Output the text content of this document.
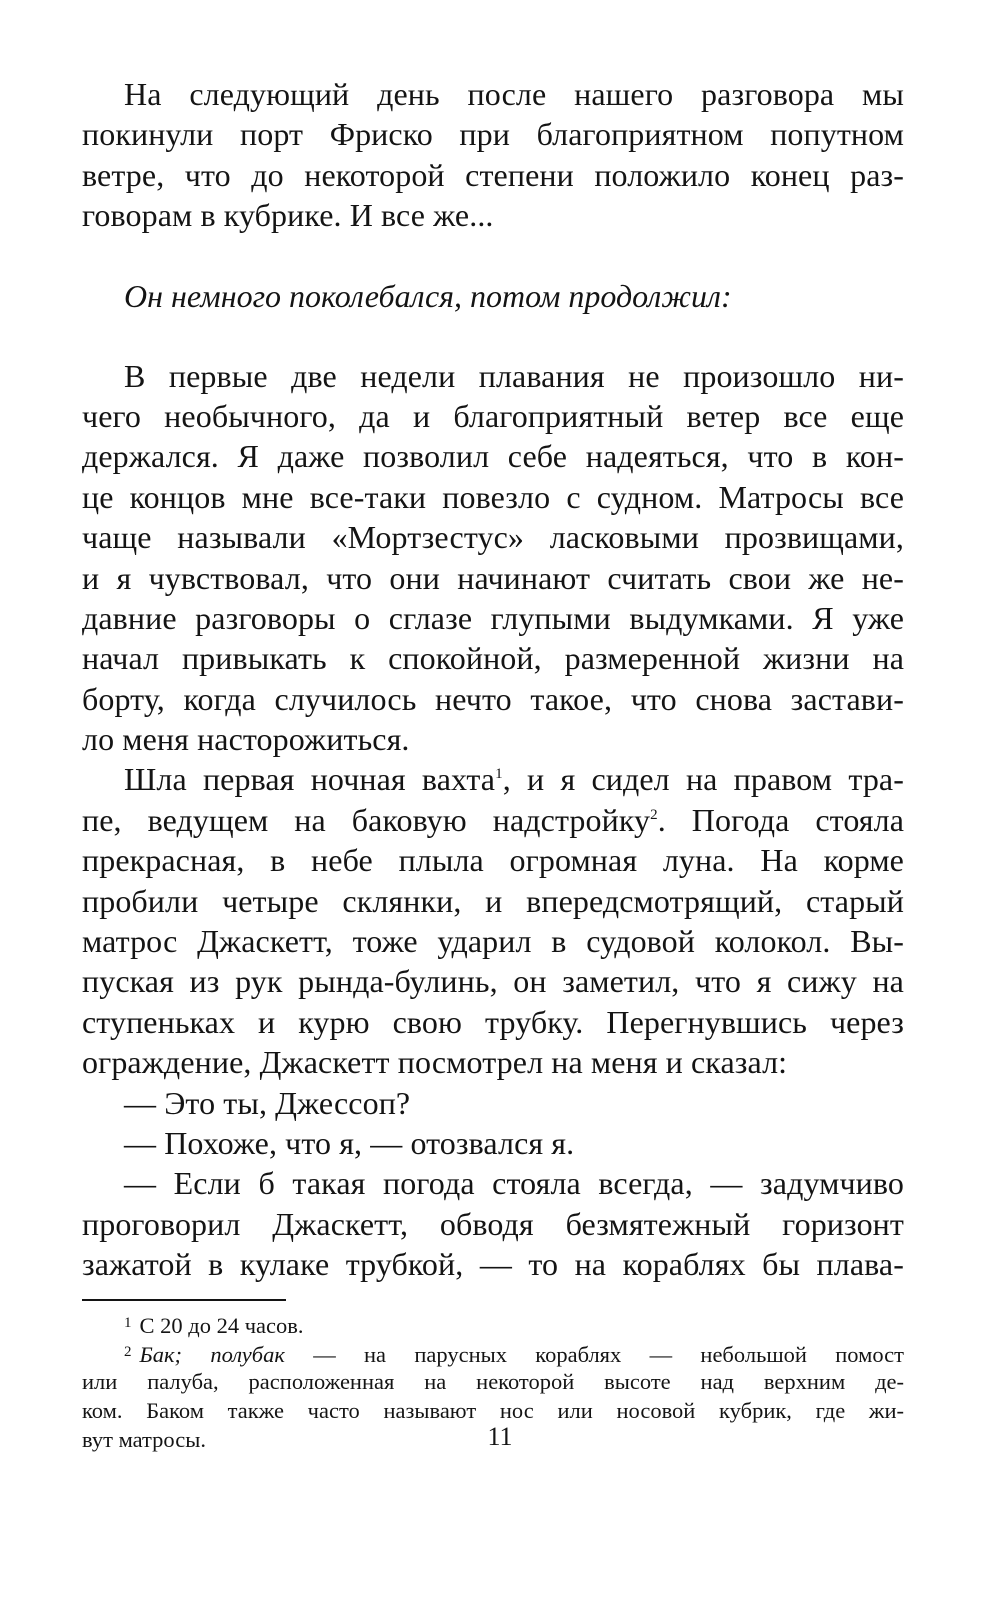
На следующий день после нашего разговора мы
покинули порт Фриско при благоприятном попутном
ветре, что до некоторой степени положило конец раз-
говорам в кубрике. И все же...
Он немного поколебался, потом продолжил:
В первые две недели плавания не произошло ни-
чего необычного, да и благоприятный ветер все еще
держался. Я даже позволил себе надеяться, что в кон-
це концов мне все-таки повезло с судном. Матросы все
чаще называли «Мортзестус» ласковыми прозвищами,
и я чувствовал, что они начинают считать свои же не-
давние разговоры о сглазе глупыми выдумками. Я уже
начал привыкать к спокойной, размеренной жизни на
борту, когда случилось нечто такое, что снова застави-
ло меня насторожиться.
Шла первая ночная вахта$^1$, и я сидел на правом тра-
пе, ведущем на баковую надстройку$^2$. Погода стояла
прекрасная, в небе плыла огромная луна. На корме
пробили четыре склянки, и впередсмотрящий, старый
матрос Джаскетт, тоже ударил в судовой колокол. Вы-
пуская из рук рында-булинь, он заметил, что я сижу на
ступеньках и курю свою трубку. Перегнувшись через
ограждение, Джаскетт посмотрел на меня и сказал:
— Это ты, Джессоп?
— Похоже, что я, — отозвался я.
— Если б такая погода стояла всегда, — задумчиво
проговорил Джаскетт, обводя безмятежный горизонт
зажатой в кулаке трубкой, — то на кораблях бы плава-
$^1$ С 20 до 24 часов.
$^2$ Бак; полубак — на парусных кораблях — небольшой помост
или палуба, расположенная на некоторой высоте над верхним де-
ком. Баком также часто называют нос или носовой кубрик, где жи-
вут матросы.	11
